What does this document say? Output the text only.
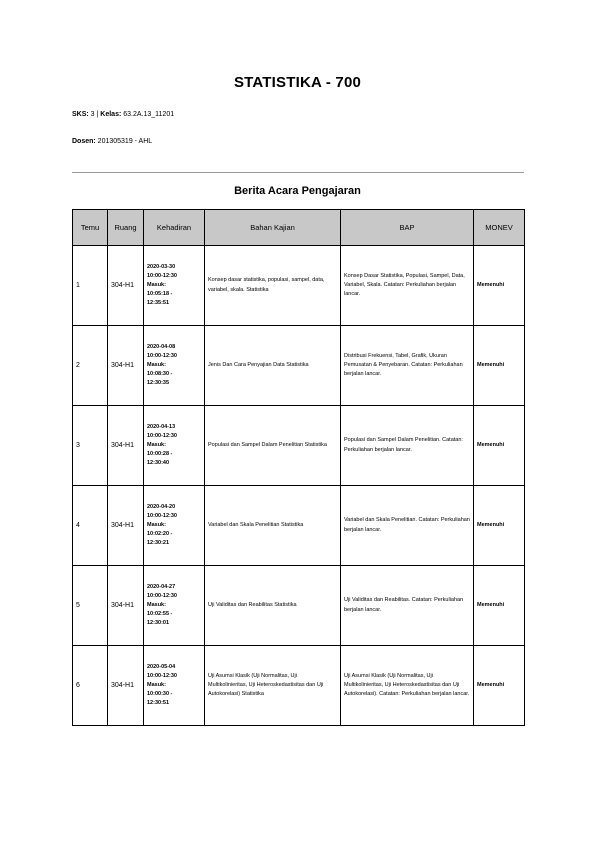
STATISTIKA - 700
SKS: 3 | Kelas: 63.2A.13_11201
Dosen: 201305319 - AHL
Berita Acara Pengajaran
Temu	Ruang	Kehadiran	Bahan Kajian	BAP	MONEV
1	304-H1	2020-03-30
10:00-12:30
Masuk:
10:05:18 -
12:35:51	Konsep dasar statistika, populasi, sampel, data, variabel, skala. Statistika	Konsep Dasar Statistika, Populasi, Sampel, Data, Variabel, Skala. Catatan: Perkuliahan berjalan lancar.	Memenuhi
2	304-H1	2020-04-08
10:00-12:30
Masuk:
10:08:30 -
12:30:35	Jenis Dan Cara Penyajian Data Statistika	Distribusi Frekuensi, Tabel, Grafik, Ukuran Pemusatan & Penyebaran. Catatan: Perkuliahan berjalan lancar.	Memenuhi
3	304-H1	2020-04-13
10:00-12:30
Masuk:
10:00:28 -
12:30:40	Populasi dan Sampel Dalam Penelitian Statistika	Populasi dan Sampel Dalam Penelitian. Catatan: Perkuliahan berjalan lancar.	Memenuhi
4	304-H1	2020-04-20
10:00-12:30
Masuk:
10:02:20 -
12:30:21	Variabel dan Skala Penelitian Statistika	Variabel dan Skala Penelitian. Catatan: Perkuliahan berjalan lancar.	Memenuhi
5	304-H1	2020-04-27
10:00-12:30
Masuk:
10:02:55 -
12:30:01	Uji Validitas dan Reabilitas Statistika	Uji Validitas dan Reabilitas. Catatan: Perkuliahan berjalan lancar.	Memenuhi
6	304-H1	2020-05-04
10:00-12:30
Masuk:
10:00:30 -
12:30:51	Uji Asumsi Klasik (Uji Normalitas, Uji Multikolinieritas, Uji Heteroskedastisitas dan Uji Autokorelasi) Statistika	Uji Asumsi Klasik (Uji Normalitas, Uji Multikolinieritas, Uji Heteroskedastisitas dan Uji Autokorelasi). Catatan: Perkuliahan berjalan lancar.	Memenuhi
